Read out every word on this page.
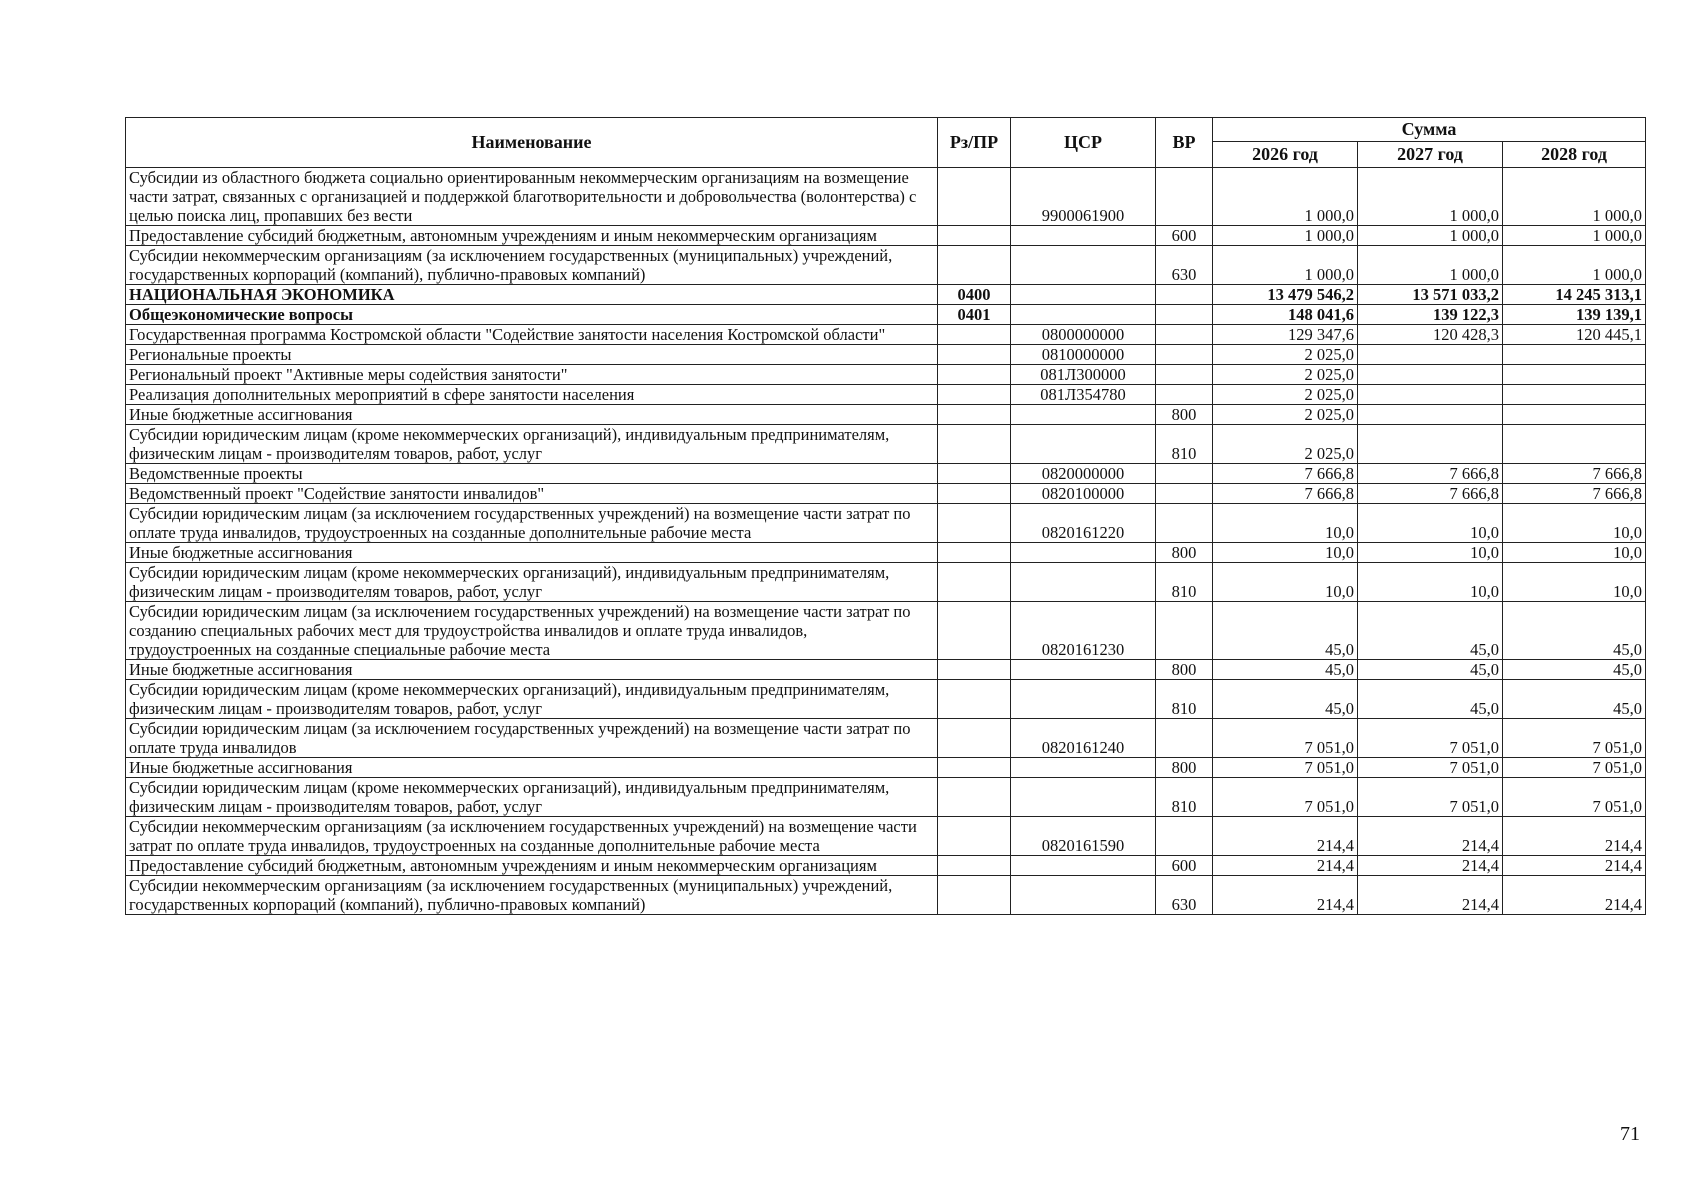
Наименование	Рз/ПР	ЦСР	ВР	Сумма		
				2026 год	2027 год	2028 год
Субсидии из областного бюджета социально ориентированным некоммерческим организациям на возмещение части затрат, связанных с организацией и поддержкой благотворительности и добровольчества (волонтерства) с целью поиска лиц, пропавших без вести		9900061900		1 000,0	1 000,0	1 000,0
Предоставление субсидий бюджетным, автономным учреждениям и иным некоммерческим организациям			600	1 000,0	1 000,0	1 000,0
Субсидии некоммерческим организациям (за исключением государственных (муниципальных) учреждений, государственных корпораций (компаний), публично-правовых компаний)			630	1 000,0	1 000,0	1 000,0
НАЦИОНАЛЬНАЯ ЭКОНОМИКА	0400			13 479 546,2	13 571 033,2	14 245 313,1
Общеэкономические вопросы	0401			148 041,6	139 122,3	139 139,1
Государственная программа Костромской области "Содействие занятости населения Костромской области"		0800000000		129 347,6	120 428,3	120 445,1
Региональные проекты		0810000000		2 025,0		
Региональный проект "Активные меры содействия занятости"		081Л300000		2 025,0		
Реализация дополнительных мероприятий в сфере занятости населения		081Л354780		2 025,0		
Иные бюджетные ассигнования			800	2 025,0		
Субсидии юридическим лицам (кроме некоммерческих организаций), индивидуальным предпринимателям, физическим лицам - производителям товаров, работ, услуг			810	2 025,0		
Ведомственные проекты		0820000000		7 666,8	7 666,8	7 666,8
Ведомственный проект "Содействие занятости инвалидов"		0820100000		7 666,8	7 666,8	7 666,8
Субсидии юридическим лицам (за исключением государственных учреждений) на возмещение части затрат по оплате труда инвалидов, трудоустроенных на созданные дополнительные рабочие места		0820161220		10,0	10,0	10,0
Иные бюджетные ассигнования			800	10,0	10,0	10,0
Субсидии юридическим лицам (кроме некоммерческих организаций), индивидуальным предпринимателям, физическим лицам - производителям товаров, работ, услуг			810	10,0	10,0	10,0
Субсидии юридическим лицам (за исключением государственных учреждений) на возмещение части затрат по созданию специальных рабочих мест для трудоустройства инвалидов и оплате труда инвалидов, трудоустроенных на созданные специальные рабочие места		0820161230		45,0	45,0	45,0
Иные бюджетные ассигнования			800	45,0	45,0	45,0
Субсидии юридическим лицам (кроме некоммерческих организаций), индивидуальным предпринимателям, физическим лицам - производителям товаров, работ, услуг			810	45,0	45,0	45,0
Субсидии юридическим лицам (за исключением государственных учреждений) на возмещение части затрат по оплате труда инвалидов		0820161240		7 051,0	7 051,0	7 051,0
Иные бюджетные ассигнования			800	7 051,0	7 051,0	7 051,0
Субсидии юридическим лицам (кроме некоммерческих организаций), индивидуальным предпринимателям, физическим лицам - производителям товаров, работ, услуг			810	7 051,0	7 051,0	7 051,0
Субсидии некоммерческим организациям (за исключением государственных учреждений) на возмещение части затрат по оплате труда инвалидов, трудоустроенных на созданные дополнительные рабочие места		0820161590		214,4	214,4	214,4
Предоставление субсидий бюджетным, автономным учреждениям и иным некоммерческим организациям			600	214,4	214,4	214,4
Субсидии некоммерческим организациям (за исключением государственных (муниципальных) учреждений, государственных корпораций (компаний), публично-правовых компаний)			630	214,4	214,4	214,4
71
